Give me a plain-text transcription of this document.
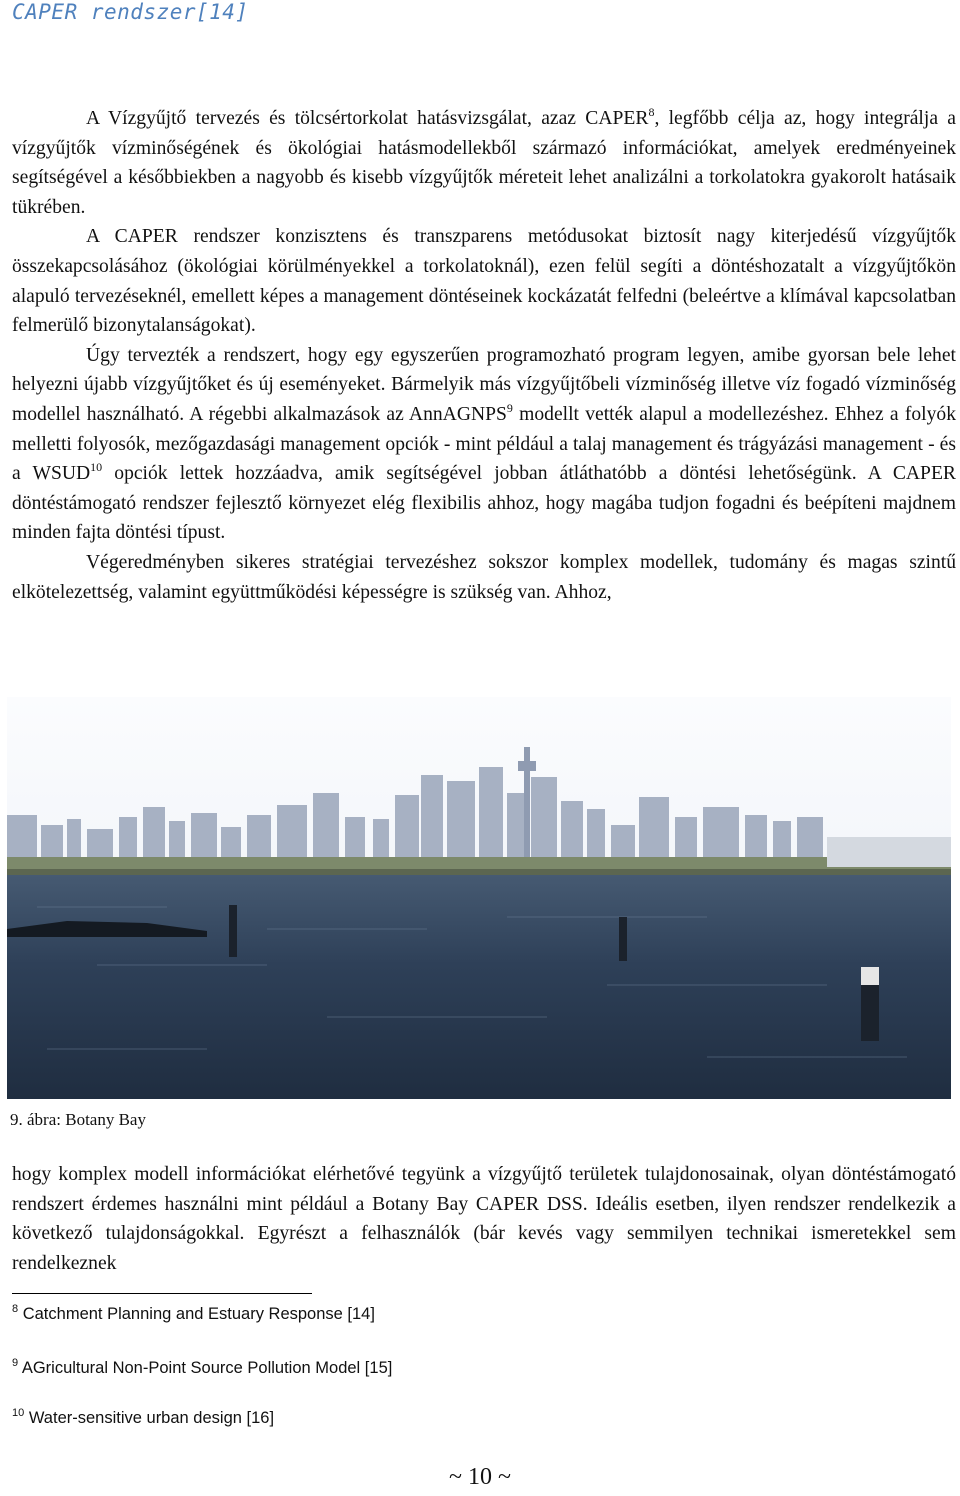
CAPER rendszer[14]

A Vízgyűjtő tervezés és tölcsértorkolat hatásvizsgálat, azaz CAPER$^8$, legfőbb célja az, hogy integrálja a vízgyűjtők vízminőségének és ökológiai hatásmodellekből származó információkat, amelyek eredményeinek segítségével a későbbiekben a nagyobb és kisebb vízgyűjtők méreteit lehet analizálni a torkolatokra gyakorolt hatásaik tükrében.

A CAPER rendszer konzisztens és transzparens metódusokat biztosít nagy kiterjedésű vízgyűjtők összekapcsolásához (ökológiai körülményekkel a torkolatoknál), ezen felül segíti a döntéshozatalt a vízgyűjtőkön alapuló tervezéseknél, emellett képes a management döntéseinek kockázatát felfedni (beleértve a klímával kapcsolatban felmerülő bizonytalanságokat).

Úgy tervezték a rendszert, hogy egy egyszerűen programozható program legyen, amibe gyorsan bele lehet helyezni újabb vízgyűjtőket és új eseményeket. Bármelyik más vízgyűjtőbeli vízminőség illetve víz fogadó vízminőség modellel használható. A régebbi alkalmazások az AnnAGNPS$^9$ modellt vették alapul a modellezéshez. Ehhez a folyók melletti folyosók, mezőgazdasági management opciók - mint például a talaj management és trágyázási management - és a WSUD$^{10}$ opciók lettek hozzáadva, amik segítségével jobban átláthatóbb a döntési lehetőségünk. A CAPER döntéstámogató rendszer fejlesztő környezet elég flexibilis ahhoz, hogy magába tudjon fogadni és beépíteni majdnem minden fajta döntési típust.

Végeredményben sikeres stratégiai tervezéshez sokszor komplex modellek, tudomány és magas szintű elkötelezettség, valamint együttműködési képességre is szükség van. Ahhoz,

9. ábra: Botany Bay

hogy komplex modell információkat elérhetővé tegyünk a vízgyűjtő területek tulajdonosainak, olyan döntéstámogató rendszert érdemes használni mint például a Botany Bay CAPER DSS. Ideális esetben, ilyen rendszer rendelkezik a következő tulajdonságokkal. Egyrészt a felhasználók (bár kevés vagy semmilyen technikai ismeretekkel sem rendelkeznek

$^8$ Catchment Planning and Estuary Response [14]
$^9$ AGricultural Non-Point Source Pollution Model [15]
$^{10}$ Water-sensitive urban design [16]
~ 10 ~
